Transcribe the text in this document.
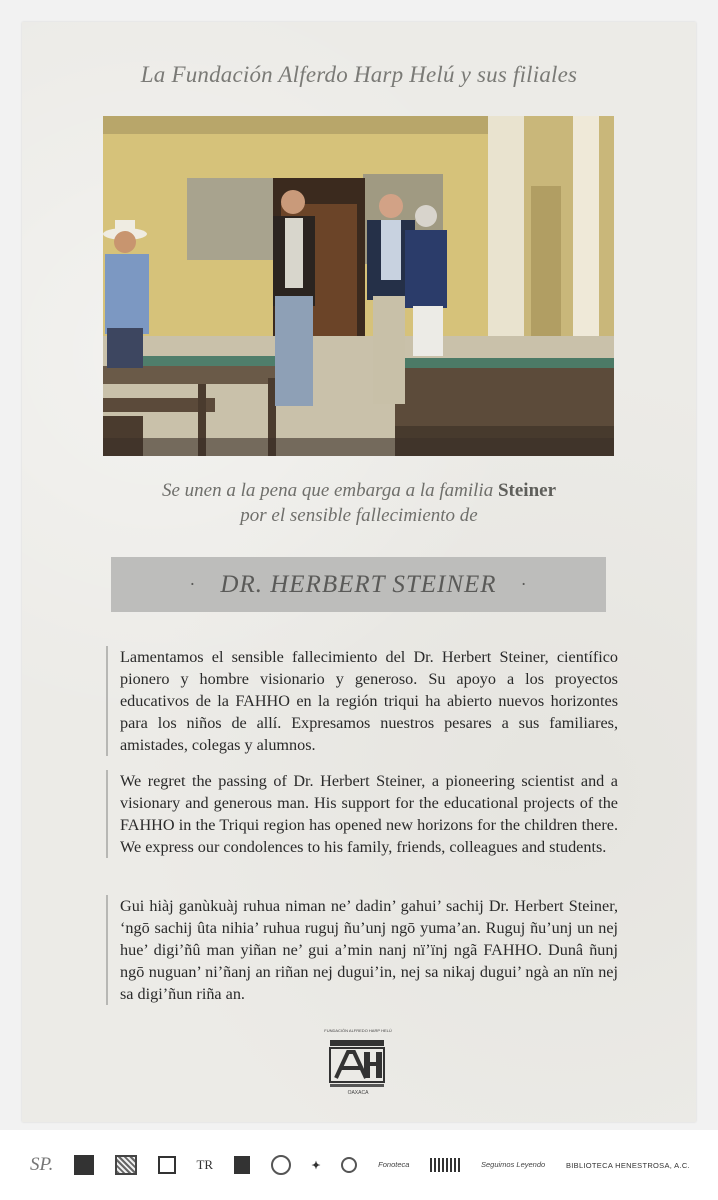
La Fundación Alferdo Harp Helú y sus filiales
Se unen a la pena que embarga a la familia Steiner
por el sensible fallecimiento de
· DR. HERBERT STEINER ·
Lamentamos el sensible fallecimiento del Dr. Herbert Steiner, científico pionero y hombre visionario y generoso. Su apoyo a los proyectos educativos de la FAHHO en la región triqui ha abierto nuevos horizontes para los niños de allí. Expresamos nuestros pesares a sus familiares, amistades, colegas y alumnos.
We regret the passing of Dr. Herbert Steiner, a pioneering scientist and a visionary and generous man. His support for the educational projects of the FAHHO in the Triqui region has opened new horizons for the children there. We express our condolences to his family, friends, colleagues and students.
Gui hiàj ganùkuàj ruhua niman ne’ dadin’ gahui’ sachij Dr. Herbert Steiner, ‘ngō sachij ûta nihia’ ruhua ruguj ñu’unj ngō yuma’an. Ruguj ñu’unj un nej hue’ digi’ñû man yiñan ne’ gui a’min nanj nï’ïnj ngã FAHHO. Dunâ ñunj ngō nuguan’ ni’ñanj an riñan nej dugui’in, nej sa nikaj dugui’ ngà an nïn nej sa digi’ñun riña an.
FUNDACIÓN ALFREDO HARP HELÚ
OAXACA
SP.	TR	✦	Fonoteca	Seguimos Leyendo	BIBLIOTECA HENESTROSA, A.C.
